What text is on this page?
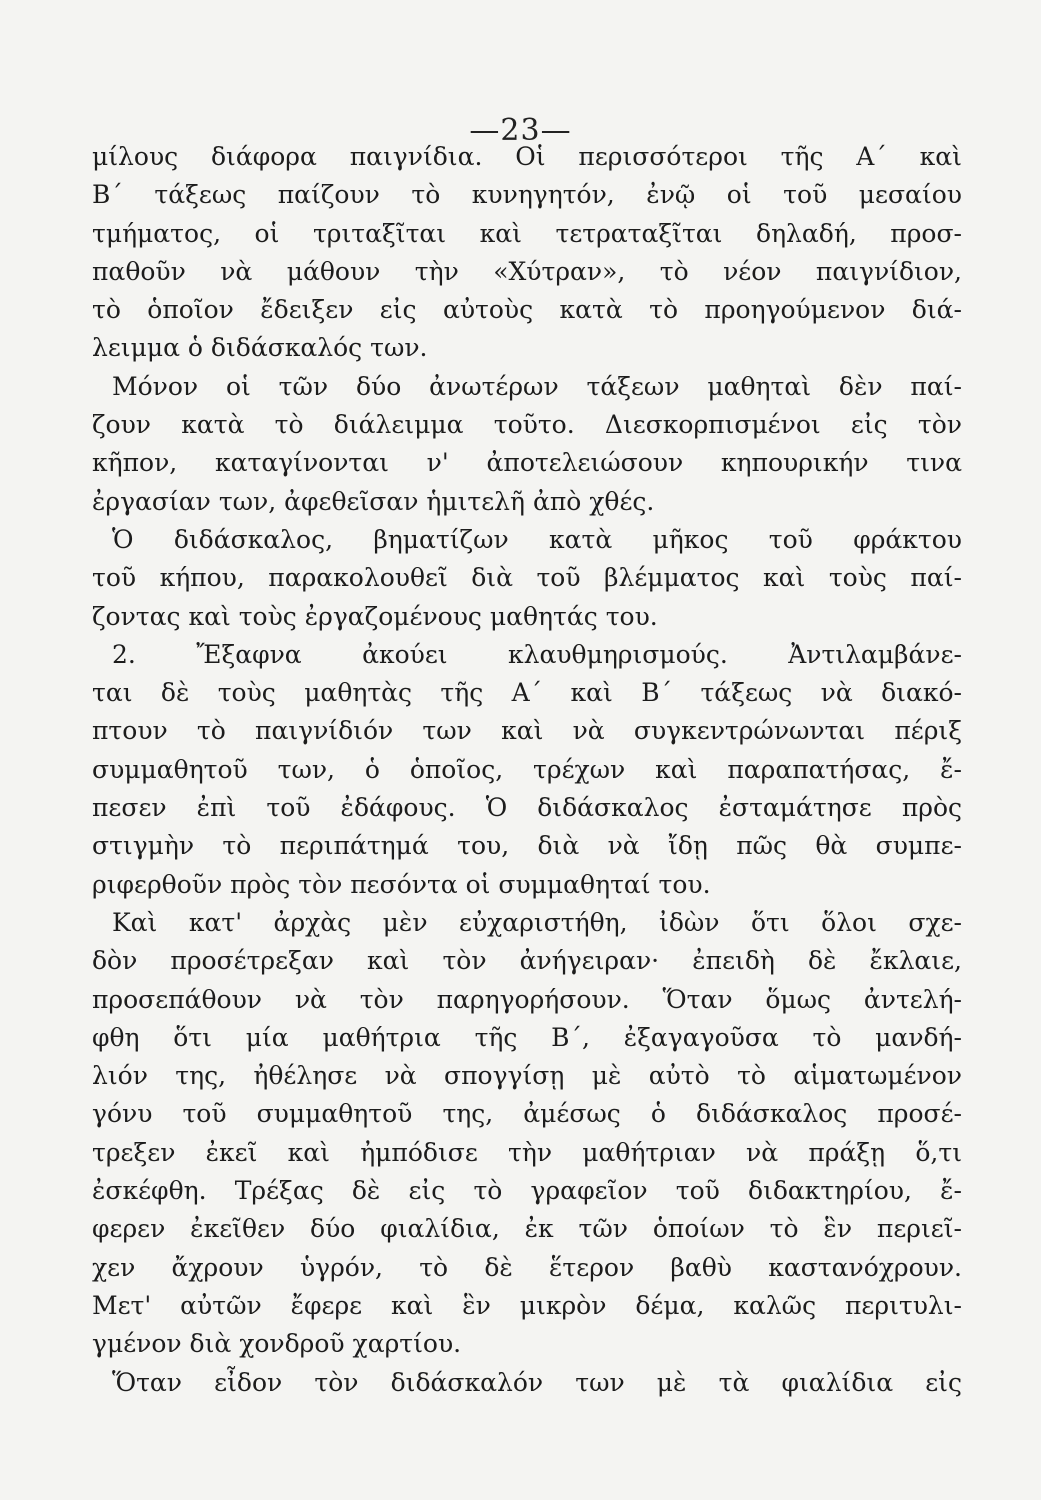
—23—
μίλους διάφορα παιγνίδια. Οἱ περισσότεροι τῆς Α΄ καὶ
Β΄ τάξεως παίζουν τὸ κυνηγητόν, ἐνῷ οἱ τοῦ μεσαίου
τμήματος, οἱ τριταξῖται καὶ τετραταξῖται δηλαδή, προσ-
παθοῦν νὰ μάθουν τὴν «Χύτραν», τὸ νέον παιγνίδιον,
τὸ ὁποῖον ἔδειξεν εἰς αὐτοὺς κατὰ τὸ προηγούμενον διά-
λειμμα ὁ διδάσκαλός των.
Μόνον οἱ τῶν δύο ἀνωτέρων τάξεων μαθηταὶ δὲν παί-
ζουν κατὰ τὸ διάλειμμα τοῦτο. Διεσκορπισμένοι εἰς τὸν
κῆπον, καταγίνονται ν' ἀποτελειώσουν κηπουρικήν τινα
ἐργασίαν των, ἀφεθεῖσαν ἡμιτελῆ ἀπὸ χθές.
Ὁ διδάσκαλος, βηματίζων κατὰ μῆκος τοῦ φράκτου
τοῦ κήπου, παρακολουθεῖ διὰ τοῦ βλέμματος καὶ τοὺς παί-
ζοντας καὶ τοὺς ἐργαζομένους μαθητάς του.
2. Ἔξαφνα ἀκούει κλαυθμηρισμούς. Ἀντιλαμβάνε-
ται δὲ τοὺς μαθητὰς τῆς Α΄ καὶ Β΄ τάξεως νὰ διακό-
πτουν τὸ παιγνίδιόν των καὶ νὰ συγκεντρώνωνται πέριξ
συμμαθητοῦ των, ὁ ὁποῖος, τρέχων καὶ παραπατήσας, ἔ-
πεσεν ἐπὶ τοῦ ἐδάφους. Ὁ διδάσκαλος ἐσταμάτησε πρὸς
στιγμὴν τὸ περιπάτημά του, διὰ νὰ ἴδῃ πῶς θὰ συμπε-
ριφερθοῦν πρὸς τὸν πεσόντα οἱ συμμαθηταί του.
Καὶ κατ' ἀρχὰς μὲν εὐχαριστήθη, ἰδὼν ὅτι ὅλοι σχε-
δὸν προσέτρεξαν καὶ τὸν ἀνήγειραν· ἐπειδὴ δὲ ἔκλαιε,
προσεπάθουν νὰ τὸν παρηγορήσουν. Ὅταν ὅμως ἀντελή-
φθη ὅτι μία μαθήτρια τῆς Β΄, ἐξαγαγοῦσα τὸ μανδή-
λιόν της, ἠθέλησε νὰ σπογγίσῃ μὲ αὐτὸ τὸ αἱματωμένον
γόνυ τοῦ συμμαθητοῦ της, ἀμέσως ὁ διδάσκαλος προσέ-
τρεξεν ἐκεῖ καὶ ἠμπόδισε τὴν μαθήτριαν νὰ πράξῃ ὅ,τι
ἐσκέφθη. Τρέξας δὲ εἰς τὸ γραφεῖον τοῦ διδακτηρίου, ἔ-
φερεν ἐκεῖθεν δύο φιαλίδια, ἐκ τῶν ὁποίων τὸ ἓν περιεῖ-
χεν ἄχρουν ὑγρόν, τὸ δὲ ἕτερον βαθὺ καστανόχρουν.
Μετ' αὐτῶν ἔφερε καὶ ἓν μικρὸν δέμα, καλῶς περιτυλι-
γμένον διὰ χονδροῦ χαρτίου.
Ὅταν εἶδον τὸν διδάσκαλόν των μὲ τὰ φιαλίδια εἰς
